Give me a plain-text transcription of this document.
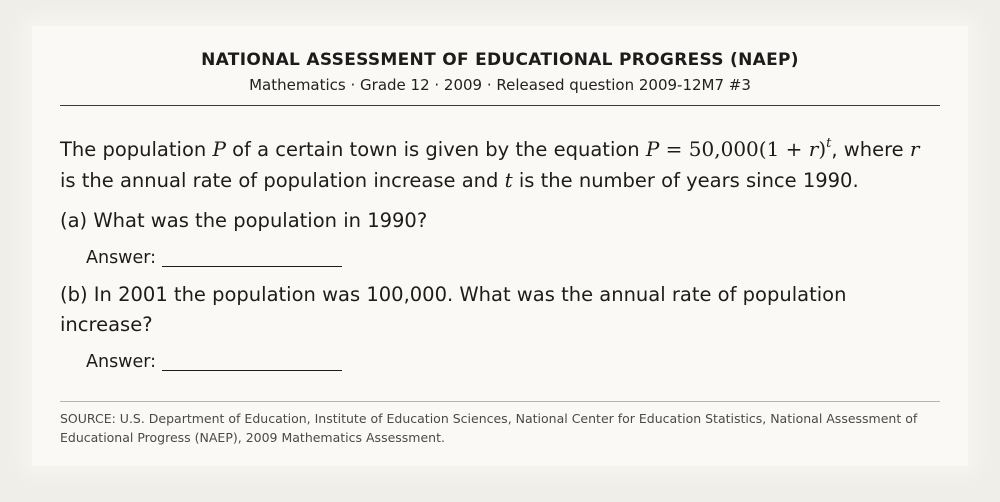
NATIONAL ASSESSMENT OF EDUCATIONAL PROGRESS (NAEP)
Mathematics · Grade 12 · 2009 · Released question 2009-12M7 #3
The population P of a certain town is given by the equation $P = 50,000(1 + r)^t$, where r is the annual rate of population increase and t is the number of years since 1990.
(a) What was the population in 1990?
Answer:
(b) In 2001 the population was 100,000. What was the annual rate of population increase?
Answer:
SOURCE: U.S. Department of Education, Institute of Education Sciences, National Center for Education Statistics, National Assessment of Educational Progress (NAEP), 2009 Mathematics Assessment.
